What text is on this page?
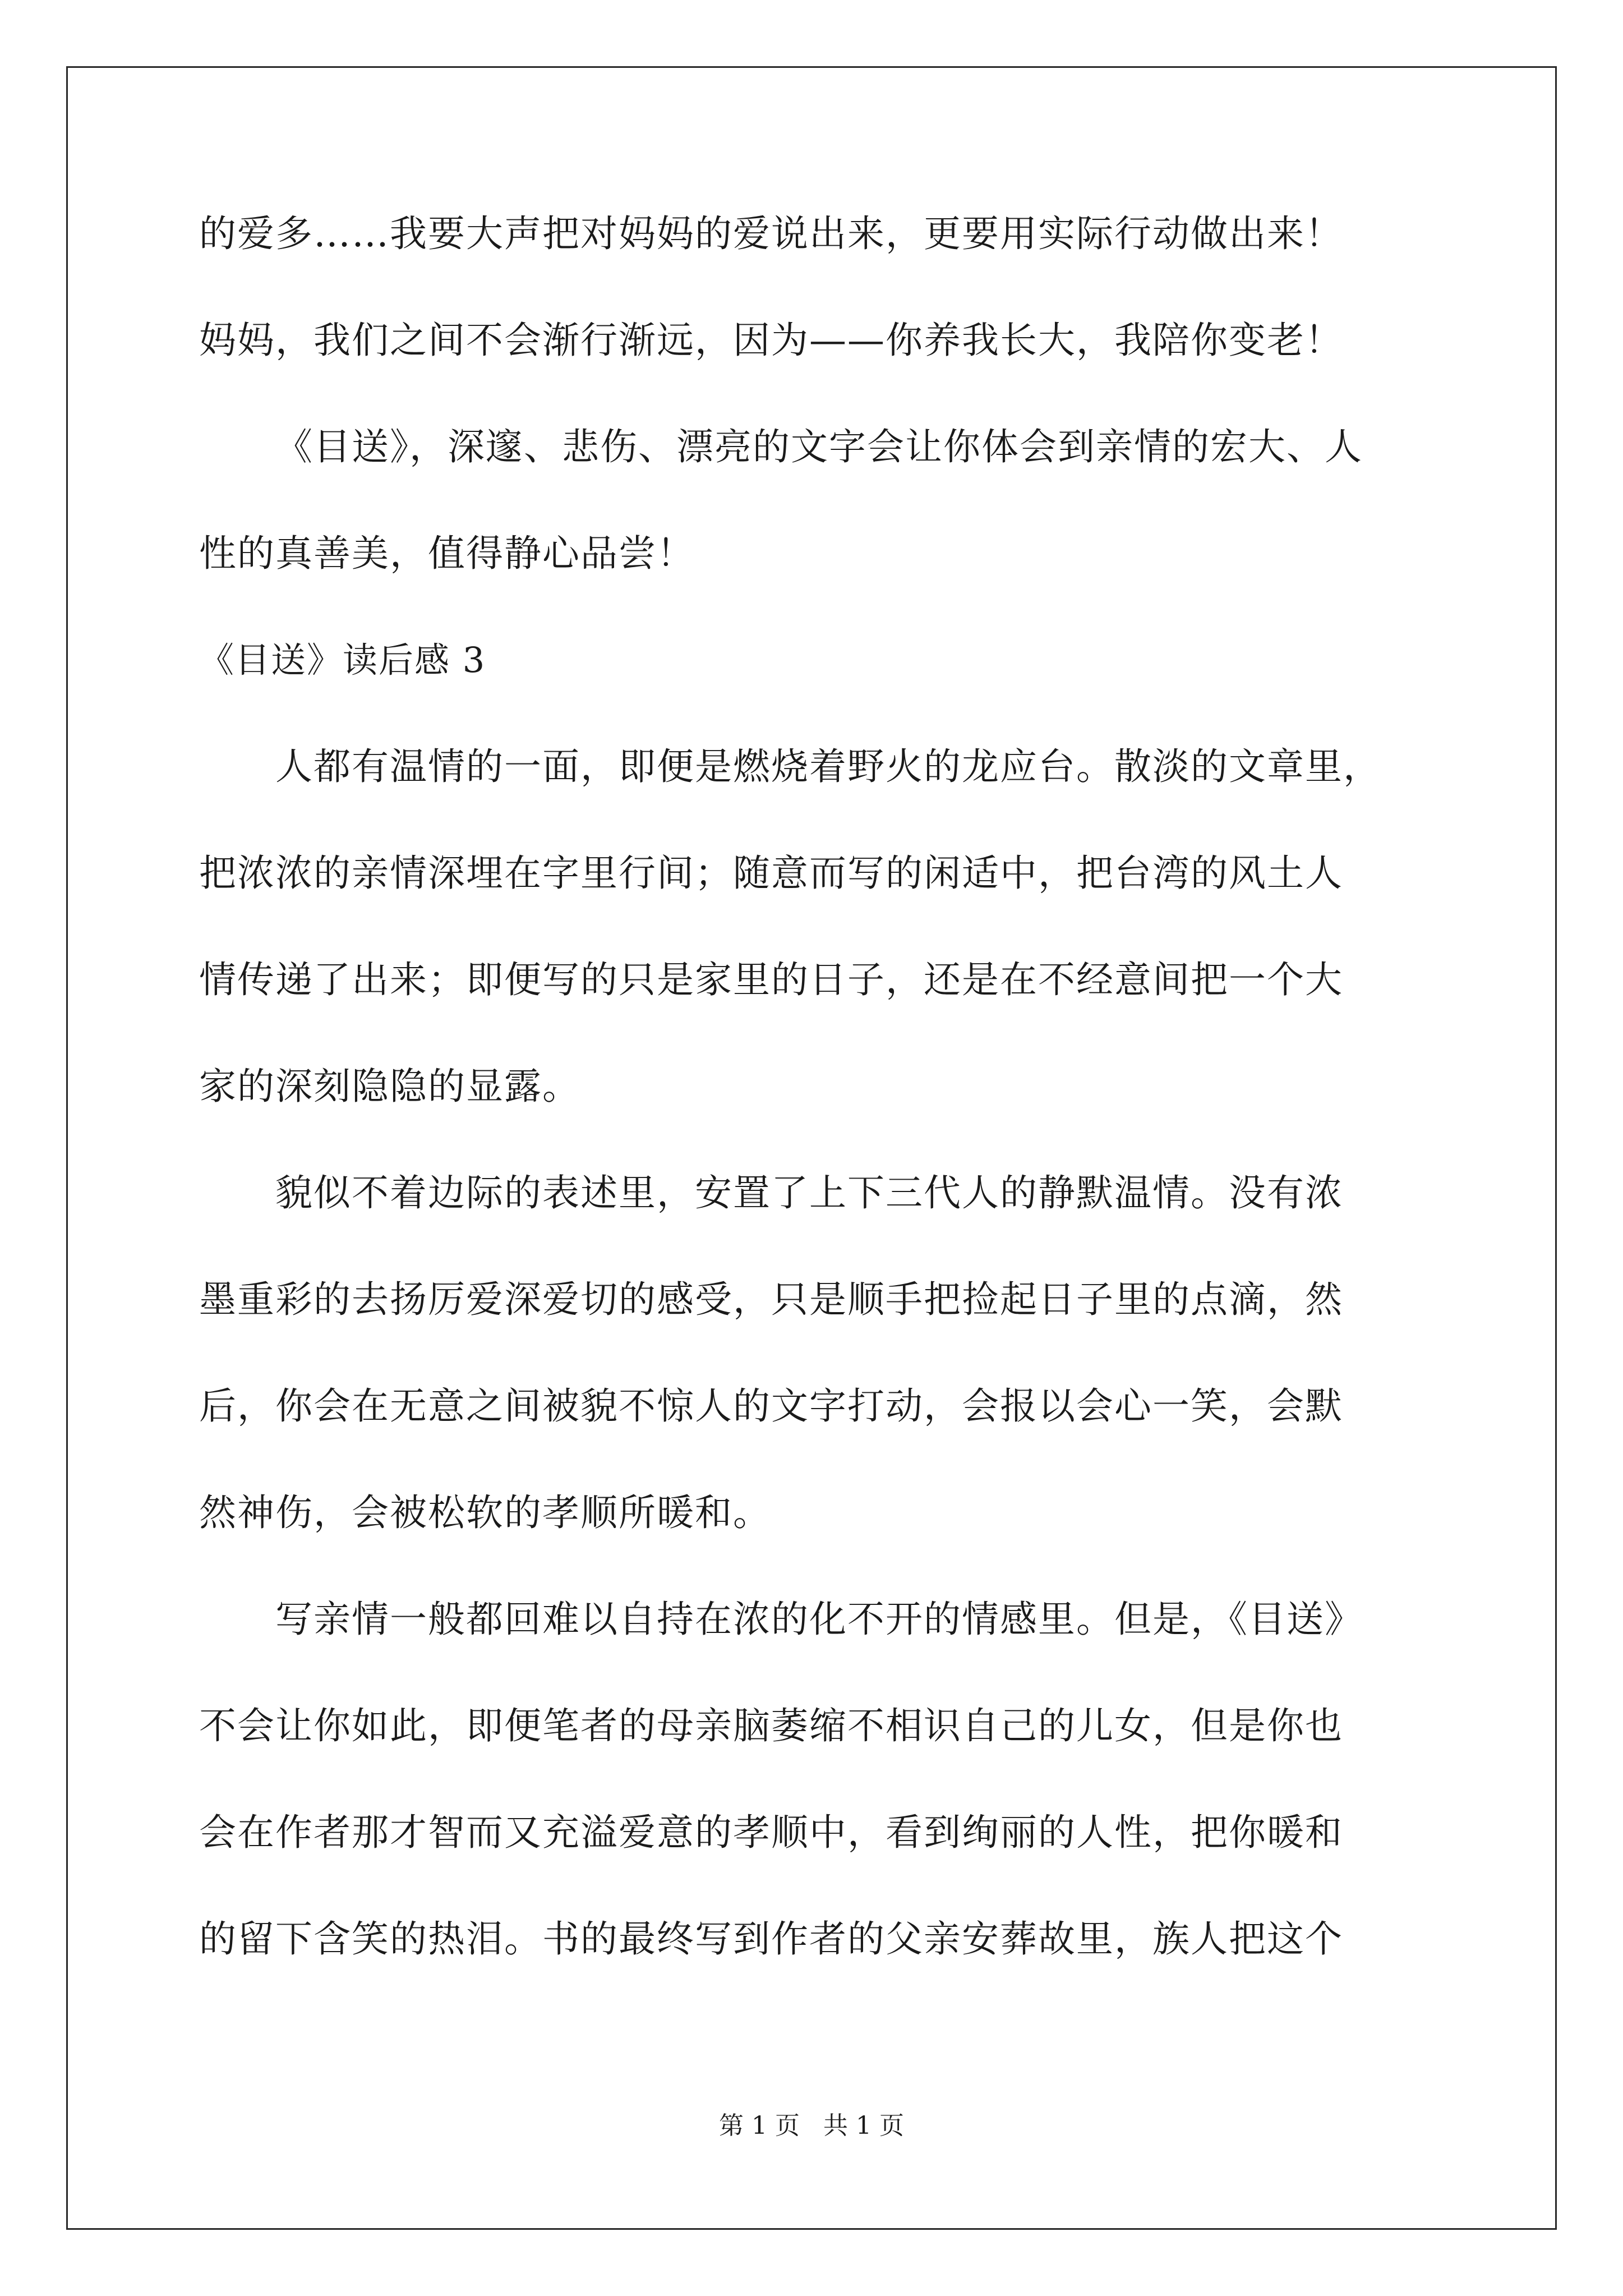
的爱多……我要大声把对妈妈的爱说出来，更要用实际行动做出来！
妈妈，我们之间不会渐行渐远，因为——你养我长大，我陪你变老！
《目送》，深邃、悲伤、漂亮的文字会让你体会到亲情的宏大、人
性的真善美，值得静心品尝！
《目送》读后感 3
人都有温情的一面，即便是燃烧着野火的龙应台。散淡的文章里，
把浓浓的亲情深埋在字里行间；随意而写的闲适中，把台湾的风土人
情传递了出来；即便写的只是家里的日子，还是在不经意间把一个大
家的深刻隐隐的显露。
貌似不着边际的表述里，安置了上下三代人的静默温情。没有浓
墨重彩的去扬厉爱深爱切的感受，只是顺手把捡起日子里的点滴，然
后，你会在无意之间被貌不惊人的文字打动，会报以会心一笑，会默
然神伤，会被松软的孝顺所暖和。
写亲情一般都回难以自持在浓的化不开的情感里。但是，《目送》
不会让你如此，即便笔者的母亲脑萎缩不相识自己的儿女，但是你也
会在作者那才智而又充溢爱意的孝顺中，看到绚丽的人性，把你暖和
的留下含笑的热泪。书的最终写到作者的父亲安葬故里，族人把这个
第 1 页 共 1 页
